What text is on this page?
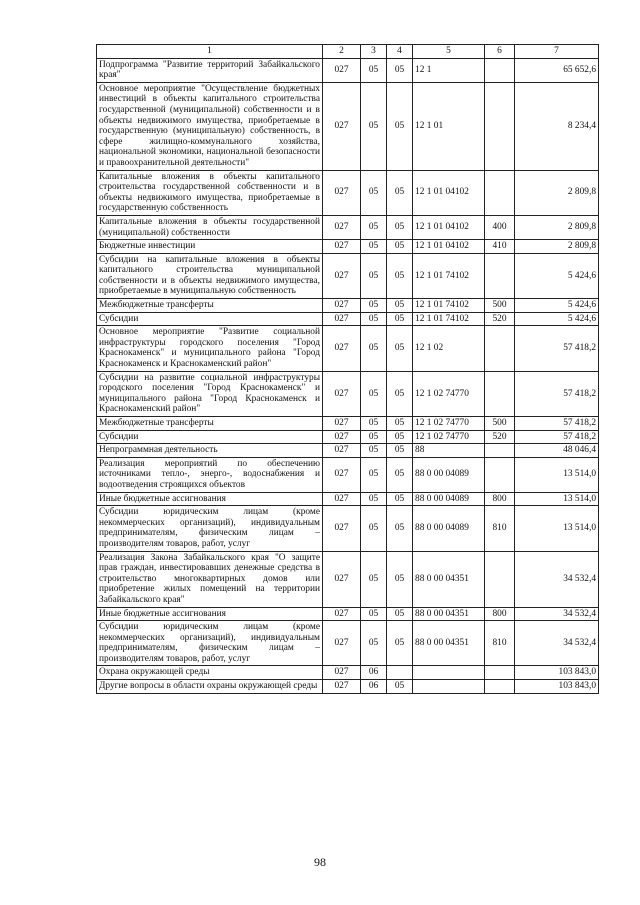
1	2	3	4	5	6	7
Подпрограмма "Развитие территорий Забайкальского края"	027	05	05	12 1		65 652,6
Основное мероприятие "Осуществление бюджетных инвестиций в объекты капитального строительства государственной (муниципальной) собственности и в объекты недвижимого имущества, приобретаемые в государственную (муниципальную) собственность, в сфере жилищно-коммунального хозяйства, национальной экономики, национальной безопасности и правоохранительной деятельности"	027	05	05	12 1 01		8 234,4
Капитальные вложения в объекты капитального строительства государственной собственности и в объекты недвижимого имущества, приобретаемые в государственную собственность	027	05	05	12 1 01 04102		2 809,8
Капитальные вложения в объекты государственной (муниципальной) собственности	027	05	05	12 1 01 04102	400	2 809,8
Бюджетные инвестиции	027	05	05	12 1 01 04102	410	2 809,8
Субсидии на капитальные вложения в объекты капитального строительства муниципальной собственности и в объекты недвижимого имущества, приобретаемые в муниципальную собственность	027	05	05	12 1 01 74102		5 424,6
Межбюджетные трансферты	027	05	05	12 1 01 74102	500	5 424,6
Субсидии	027	05	05	12 1 01 74102	520	5 424,6
Основное мероприятие "Развитие социальной инфраструктуры городского поселения "Город Краснокаменск" и муниципального района "Город Краснокаменск и Краснокаменский район"	027	05	05	12 1 02		57 418,2
Субсидии на развитие социальной инфраструктуры городского поселения "Город Краснокаменск" и муниципального района "Город Краснокаменск и Краснокаменский район"	027	05	05	12 1 02 74770		57 418,2
Межбюджетные трансферты	027	05	05	12 1 02 74770	500	57 418,2
Субсидии	027	05	05	12 1 02 74770	520	57 418,2
Непрограммная деятельность	027	05	05	88		48 046,4
Реализация мероприятий по обеспечению источниками тепло-, энерго-, водоснабжения и водоотведения строящихся объектов	027	05	05	88 0 00 04089		13 514,0
Иные бюджетные ассигнования	027	05	05	88 0 00 04089	800	13 514,0
Субсидии юридическим лицам (кроме некоммерческих организаций), индивидуальным предпринимателям, физическим лицам – производителям товаров, работ, услуг	027	05	05	88 0 00 04089	810	13 514,0
Реализация Закона Забайкальского края "О защите прав граждан, инвестировавших денежные средства в строительство многоквартирных домов или приобретение жилых помещений на территории Забайкальского края"	027	05	05	88 0 00 04351		34 532,4
Иные бюджетные ассигнования	027	05	05	88 0 00 04351	800	34 532,4
Субсидии юридическим лицам (кроме некоммерческих организаций), индивидуальным предпринимателям, физическим лицам – производителям товаров, работ, услуг	027	05	05	88 0 00 04351	810	34 532,4
Охрана окружающей среды	027	06				103 843,0
Другие вопросы в области охраны окружающей среды	027	06	05			103 843,0
98
